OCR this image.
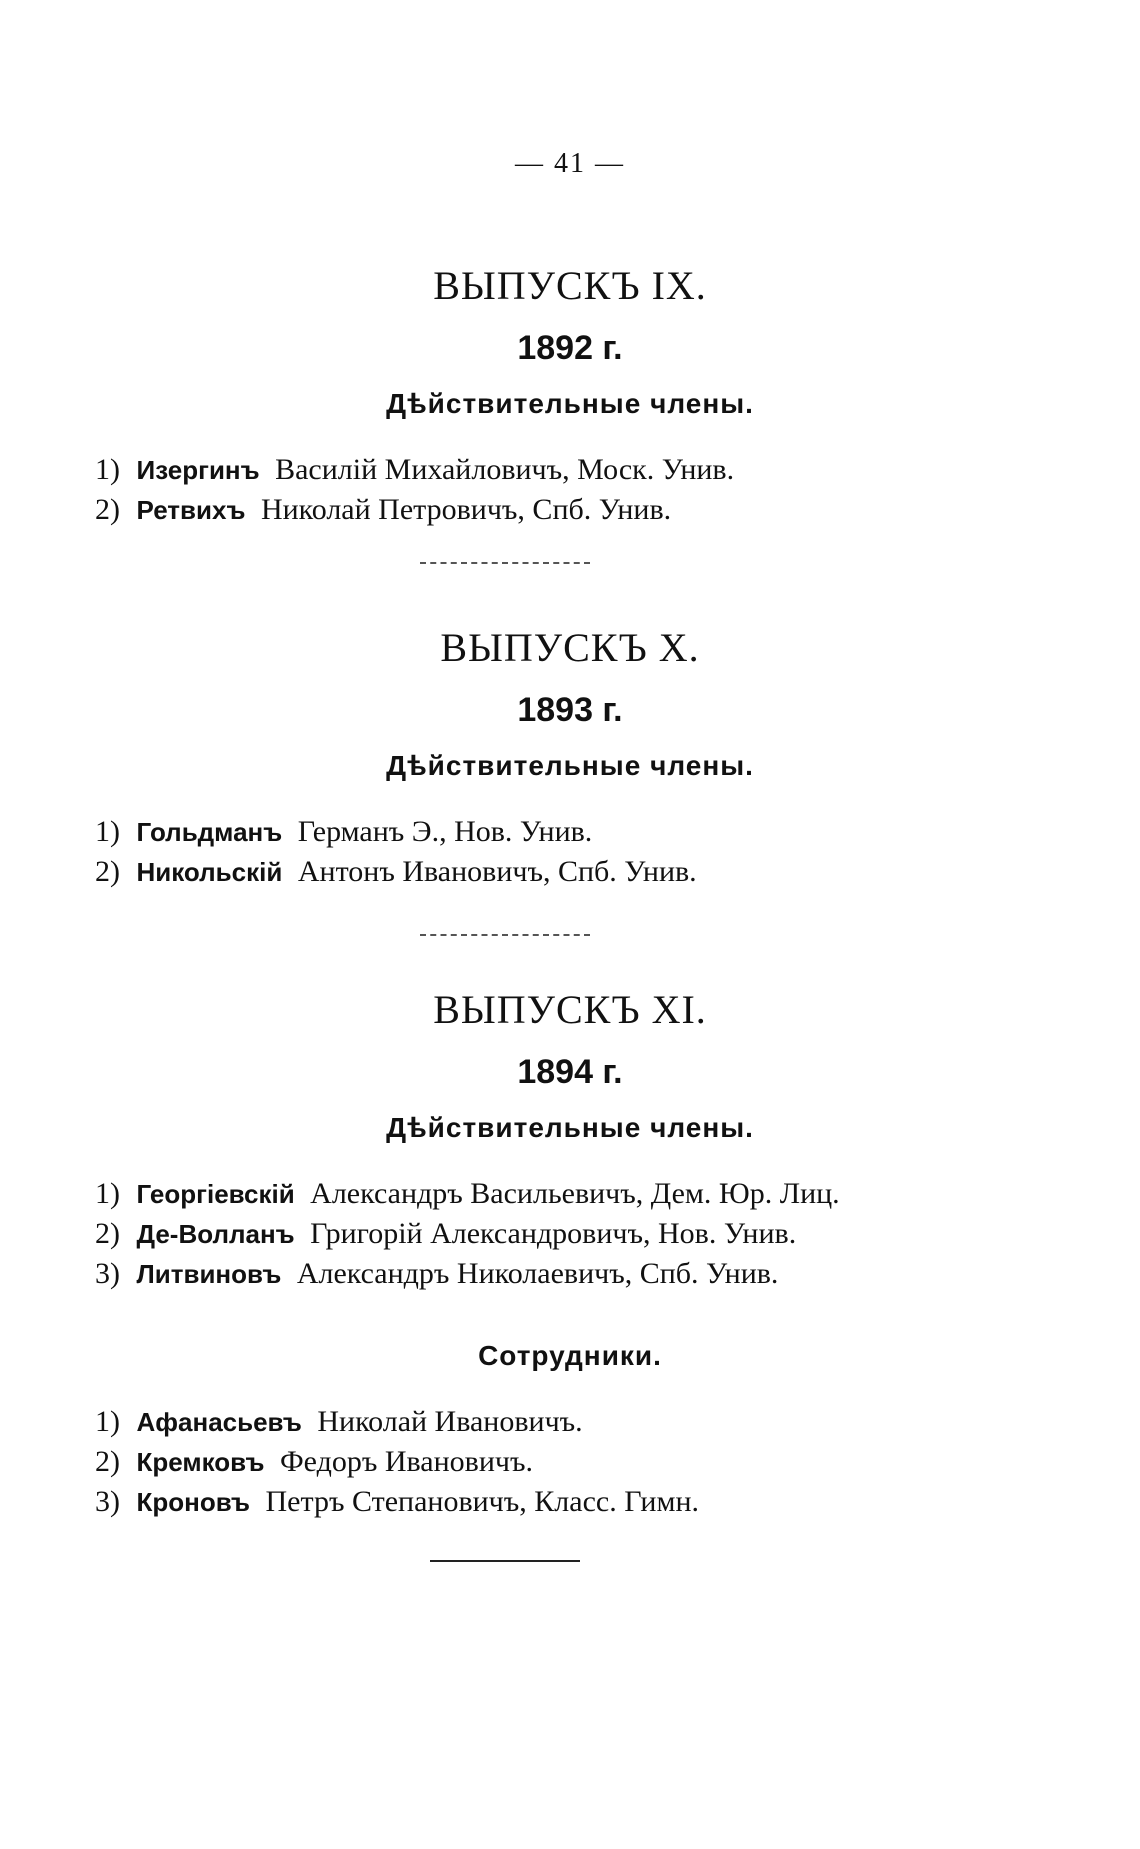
— 41 —
ВЫПУСКЪ IX.
1892 г.
Дѣйствительные члены.
1) Изергинъ Василій Михайловичъ, Моск. Унив.
2) Ретвихъ Николай Петровичъ, Спб. Унив.
ВЫПУСКЪ X.
1893 г.
Дѣйствительные члены.
1) Гольдманъ Германъ Э., Нов. Унив.
2) Никольскій Антонъ Ивановичъ, Спб. Унив.
ВЫПУСКЪ XI.
1894 г.
Дѣйствительные члены.
1) Георгіевскій Александръ Васильевичъ, Дем. Юр. Лиц.
2) Де-Волланъ Григорій Александровичъ, Нов. Унив.
3) Литвиновъ Александръ Николаевичъ, Спб. Унив.
Сотрудники.
1) Афанасьевъ Николай Ивановичъ.
2) Кремковъ Федоръ Ивановичъ.
3) Кроновъ Петръ Степановичъ, Класс. Гимн.
